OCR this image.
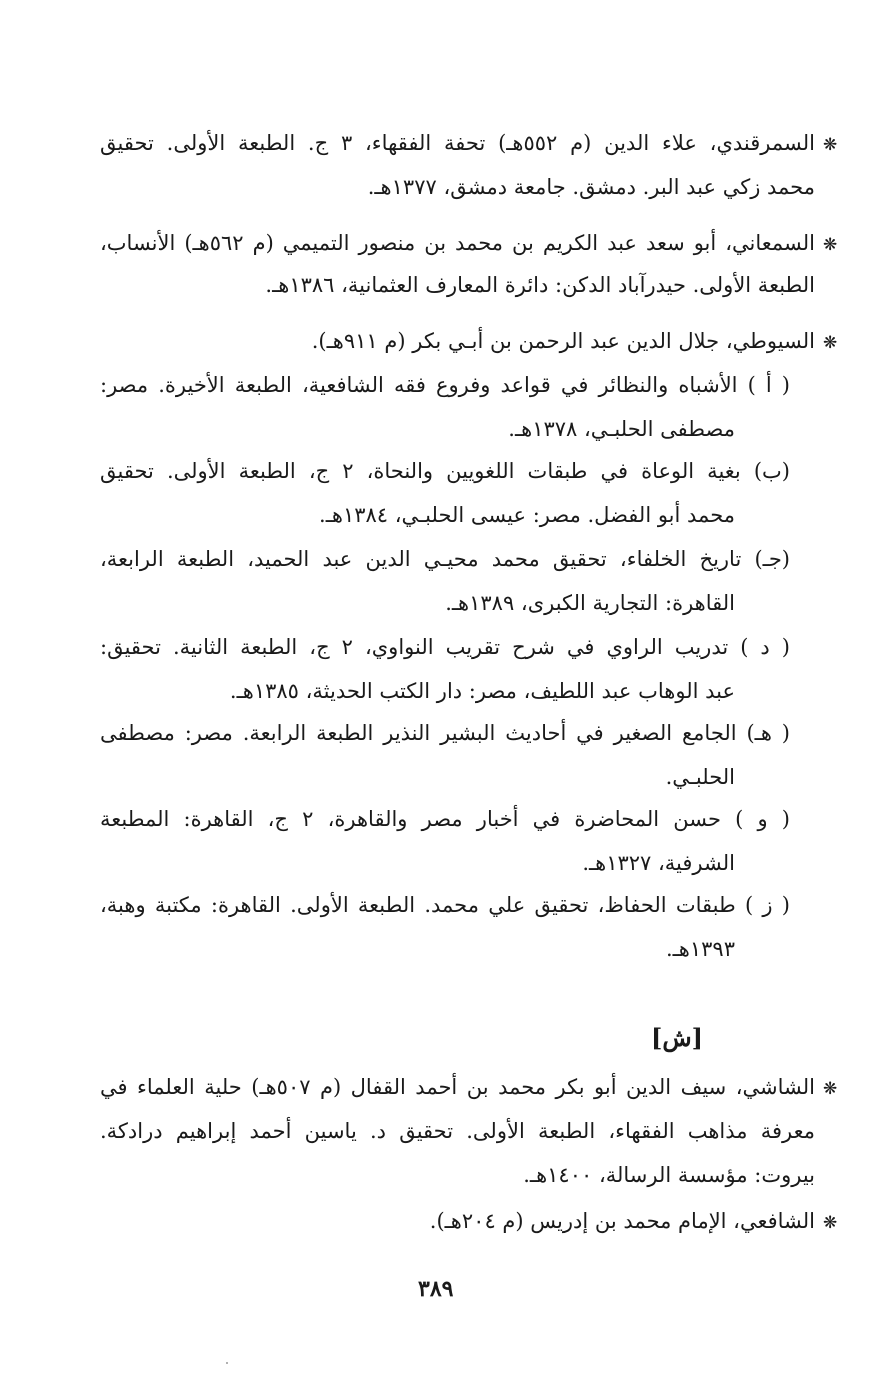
❋
السمرقندي، علاء الدين (م ٥٥٢هـ) تحفة الفقهاء، ٣ ج. الطبعة الأولى. تحقيق
محمد زكي عبد البر. دمشق. جامعة دمشق، ١٣٧٧هـ.
❋
السمعاني، أبو سعد عبد الكريم بن محمد بن منصور التميمي (م ٥٦٢هـ) الأنساب،
الطبعة الأولى. حيدرآباد الدكن: دائرة المعارف العثمانية، ١٣٨٦هـ.
❋
السيوطي، جلال الدين عبد الرحمن بن أبـي بكر (م ٩١١هـ).
( أ ) الأشباه والنظائر في قواعد وفروع فقه الشافعية، الطبعة الأخيرة. مصر:
مصطفى الحلبـي، ١٣٧٨هـ.
(ب) بغية الوعاة في طبقات اللغويين والنحاة، ٢ ج، الطبعة الأولى. تحقيق
محمد أبو الفضل. مصر: عيسى الحلبـي، ١٣٨٤هـ.
(جـ) تاريخ الخلفاء، تحقيق محمد محيـي الدين عبد الحميد، الطبعة الرابعة،
القاهرة: التجارية الكبرى، ١٣٨٩هـ.
( د ) تدريب الراوي في شرح تقريب النواوي، ٢ ج، الطبعة الثانية. تحقيق:
عبد الوهاب عبد اللطيف، مصر: دار الكتب الحديثة، ١٣٨٥هـ.
( هـ) الجامع الصغير في أحاديث البشير النذير الطبعة الرابعة. مصر: مصطفى
الحلبـي.
( و ) حسن المحاضرة في أخبار مصر والقاهرة، ٢ ج، القاهرة: المطبعة
الشرفية، ١٣٢٧هـ.
( ز ) طبقات الحفاظ، تحقيق علي محمد. الطبعة الأولى. القاهرة: مكتبة وهبة،
١٣٩٣هـ.
[ش]
❋
الشاشي، سيف الدين أبو بكر محمد بن أحمد القفال (م ٥٠٧هـ) حلية العلماء في
معرفة مذاهب الفقهاء، الطبعة الأولى. تحقيق د. ياسين أحمد إبراهيم درادكة.
بيروت: مؤسسة الرسالة، ١٤٠٠هـ.
❋
الشافعي، الإمام محمد بن إدريس (م ٢٠٤هـ).
٣٨٩
